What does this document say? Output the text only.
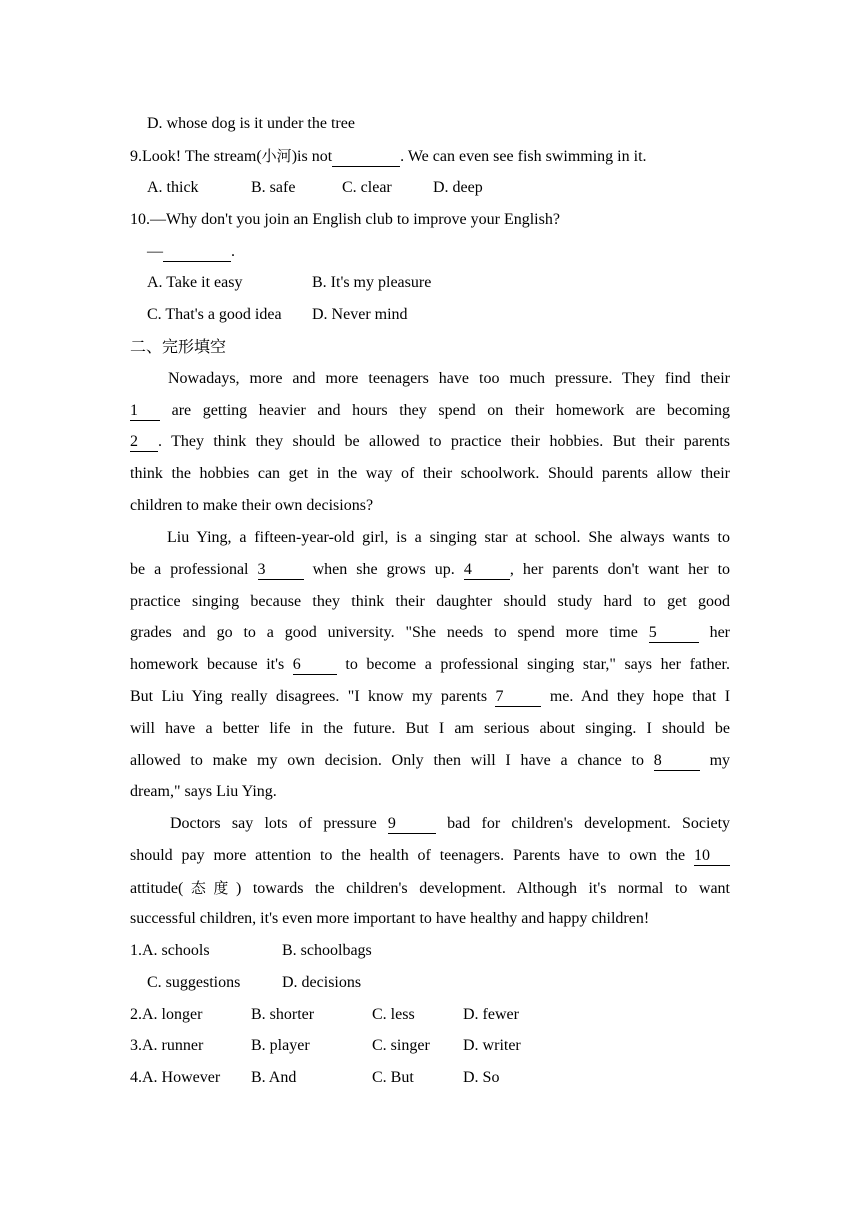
D. whose dog is it under the tree
9.Look! The stream(小河)is not	. We can even see fish swimming in it.
A. thick	B. safe	C. clear	D. deep
10.—Why don't you join an English club to improve your English?
—	.
A. Take it easy	B. It's my pleasure
C. That's a good idea D. Never mind
二、完形填空
Nowadays, more and more teenagers have too much pressure. They find their
1 are getting heavier and hours they spend on their homework are becoming
2 . They think they should be allowed to practice their hobbies. But their parents
think the hobbies can get in the way of their schoolwork. Should parents allow their
children to make their own decisions?
Liu Ying, a fifteen-year-old girl, is a singing star at school. She always wants to
be a professional 3	when she grows up. 4 , her parents don't want her to
practice singing because they think their daughter should study hard to get good
grades and go to a good university. "She needs to spend more time 5	her
homework because it's 6	to become a professional singing star," says her father.
But Liu Ying really disagrees. "I know my parents 7	me. And they hope that I
will have a better life in the future. But I am serious about singing. I should be
allowed to make my own decision. Only then will I have a chance to 8	my
dream," says Liu Ying.
Doctors say lots of pressure 9	bad for children's development. Society
should pay more attention to the health of teenagers. Parents have to own the 10
attitude(态度) towards the children's development. Although it's normal to want
successful children, it's even more important to have healthy and happy children!
1.A. schools	B. schoolbags
C. suggestions	D. decisions
2.A. longer	B. shorter	C. less	D. fewer
3.A. runner	B. player	C. singer D. writer
4.A. However B. And	C. But	D. So
